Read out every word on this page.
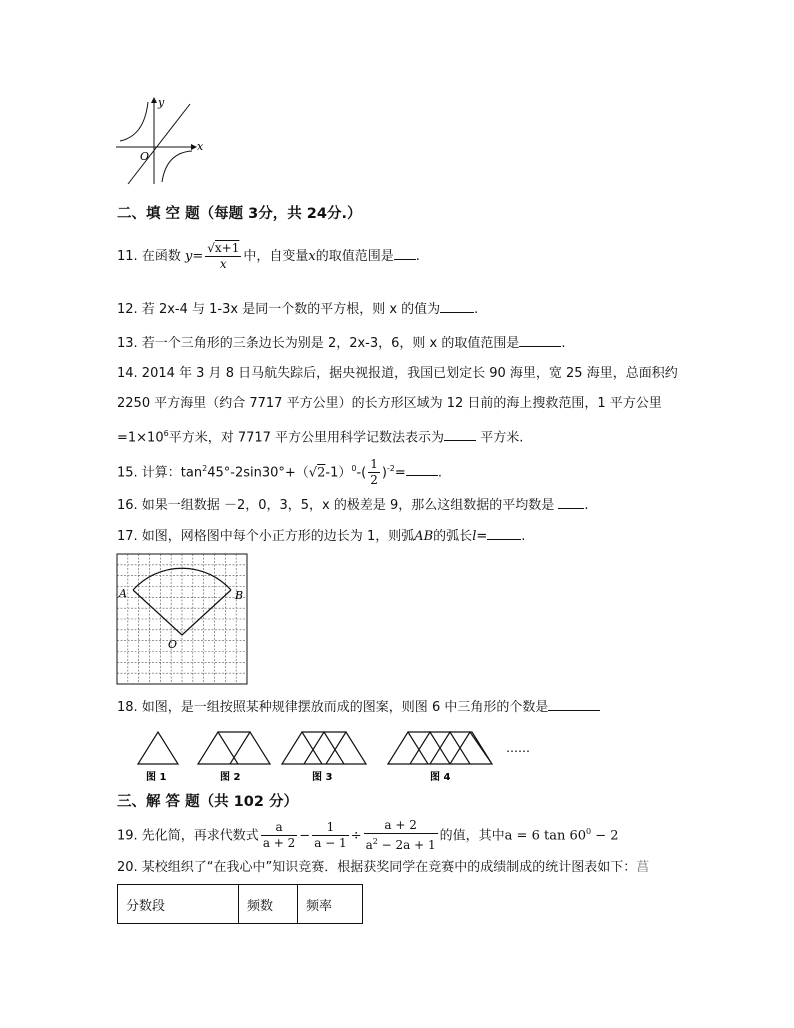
y
x
O
二、填 空 题（每题 3分，共 24分.）
11. 在函数 $y= \frac{√x+1}{x}$ 中，自变量x的取值范围是 .
12. 若 2x-4 与 1-3x 是同一个数的平方根，则 x 的值为	.
13. 若一个三角形的三条边长为别是 2，2x-3，6，则 x 的取值范围是	.
14. 2014 年 3 月 8 日马航失踪后，据央视报道，我国已划定长 90 海里，宽 25 海里，总面积约
2250 平方海里（约合 7717 平方公里）的长方形区域为 12 日前的海上搜救范围，1 平方公里
$=1\times 10^6$平方米，对 7717 平方公里用科学记数法表示为	平方米.
15. 计算：$\tan^245^\circ-2\sin 30^\circ+(√2-1)^0-( \frac{1}{2} )^{-2}=$ .
16. 如果一组数据 －2，0，3，5，x 的极差是 9，那么这组数据的平均数是 .
17. 如图，网格图中每个小正方形的边长为 1，则弧AB的弧长l=	.
A	B
O
18. 如图，是一组按照某种规律摆放而成的图案，则图 6 中三角形的个数是
……
图 1	图 2	图 3	图 4
三、解 答 题（共 102 分）
19. 先化简，再求代数式 $\frac{a}{a + 2} - \frac{1}{a - 1} \div \frac{a + 2}{a^2 - 2a + 1}$ 的值，其中a = 6 $\tan 60^0 - 2$
20. 某校组织了“在我心中”知识竞赛．根据获奖同学在竞赛中的成绩制成的统计图表如下：菖
分数段	频数	频率
